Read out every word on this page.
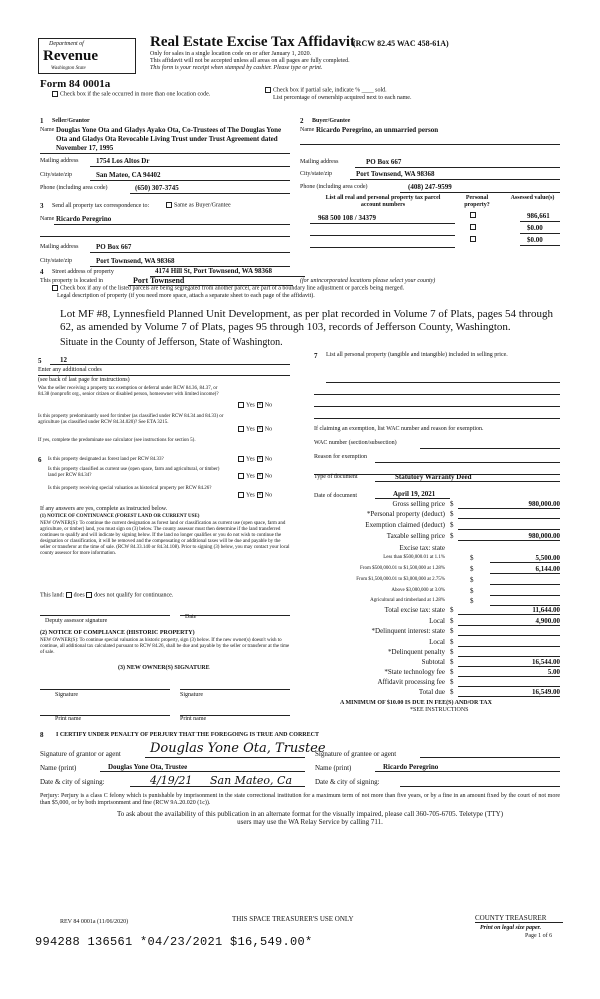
Department of
Revenue
Washington State
Real Estate Excise Tax Affidavit
(RCW 82.45 WAC 458-61A)
Only for sales in a single location code on or after January 1, 2020.
This affidavit will not be accepted unless all areas on all pages are fully completed.
This form is your receipt when stamped by cashier. Please type or print.
Form 84 0001a
Check box if the sale occurred in more than one location code.
Check box if partial sale, indicate % ____ sold.
List percentage of ownership acquired next to each name.
1 Seller/Grantor
Name Douglas Yone Ota and Gladys Ayako Ota, Co-Trustees of The Douglas Yone Ota and Gladys Ota Revocable Living Trust under Trust Agreement dated November 17, 1995
Mailing address	1754 Los Altos Dr
City/state/zip	San Mateo, CA 94402
Phone (including area code)	(650) 307-3745
2 Buyer/Grantee
Name Ricardo Peregrino, an unmarried person
Mailing address	PO Box 667
City/state/zip	Port Townsend, WA 98368
Phone (including area code)	(408) 247-9599
3 Send all property tax correspondence to:	Same as Buyer/Grantee
Name Ricardo Peregrino
Mailing address	PO Box 667
City/state/zip	Port Townsend, WA 98368
List all real and personal property tax parcel account numbers
Personal property?
Assessed value(s)
968 500 108 / 34379	986,661
$0.00
$0.00
4 Street address of property	4174 Hill St, Port Townsend, WA 98368
This property is located in	Port Townsend	(for unincorporated locations please select your county)
Check box if any of the listed parcels are being segregated from another parcel, are part of a boundary line adjustment or parcels being merged.
Legal description of property (if you need more space, attach a separate sheet to each page of the affidavit).
Lot MF #8, Lynnesfield Planned Unit Development, as per plat recorded in Volume 7 of Plats, pages 54 through 62, as amended by Volume 7 of Plats, pages 95 through 103, records of Jefferson County, Washington.
Situate in the County of Jefferson, State of Washington.
5	12
Enter any additional codes
(see back of last page for instructions)
Was the seller receiving a property tax exemption or deferral under RCW 84.36, 84.37, or 84.38 (nonprofit org., senior citizen or disabled person, homeowner with limited income)?
Yes × No
Is this property predominantly used for timber (as classified under RCW 84.34 and 84.33) or agriculture (as classified under RCW 84.34.020)? See ETA 3215.
Yes × No
If yes, complete the predominate use calculator (see instructions for section 5).
6 Is this property designated as forest land per RCW 84.33?	Yes × No
Is this property classified as current use (open space, farm and agricultural, or timber) land per RCW 84.34?	Yes × No
Is this property receiving special valuation as historical property per RCW 84.26?
Yes × No
If any answers are yes, complete as instructed below.
(1) NOTICE OF CONTINUANCE (FOREST LAND OR CURRENT USE)
NEW OWNER(S): To continue the current designation as forest land or classification as current use (open space, farm and agriculture, or timber) land, you must sign on (3) below. The county assessor must then determine if the land transferred continues to qualify and will indicate by signing below. If the land no longer qualifies or you do not wish to continue the designation or classification, it will be removed and the compensating or additional taxes will be due and payable by the seller or transferor at the time of sale. (RCW 84.33.140 or 84.34.108). Prior to signing (3) below, you may contact your local county assessor for more information.
This land: does does not qualify for continuance.
Deputy assessor signature
Date
(2) NOTICE OF COMPLIANCE (HISTORIC PROPERTY)
NEW OWNER(S): To continue special valuation as historic property, sign (3) below. If the new owner(s) doesn't wish to continue, all additional tax calculated pursuant to RCW 84.26, shall be due and payable by the seller or transferor at the time of sale.
(3) NEW OWNER(S) SIGNATURE
Signature	Signature
Print name	Print name
7 List all personal property (tangible and intangible) included in selling price.
If claiming an exemption, list WAC number and reason for exemption.
WAC number (section/subsection)
Reason for exemption
Type of document	Statutory Warranty Deed
Date of document	April 19, 2021
Gross selling price $	980,000.00
*Personal property (deduct) $
Exemption claimed (deduct) $
Taxable selling price $	980,000.00
Excise tax: state
Less than $500,000.01 at 1.1%	$	5,500.00
From $500,000.01 to $1,500,000 at 1.28%	$	6,144.00
From $1,500,000.01 to $3,000,000 at 2.75%	$
Above $3,000,000 at 3.0%	$
Agricultural and timberland at 1.28%	$
Total excise tax: state $	11,644.00
Local $	4,900.00
*Delinquent interest: state $
Local $
*Delinquent penalty $
Subtotal $	16,544.00
*State technology fee $	5.00
Affidavit processing fee $
Total due $	16,549.00
A MINIMUM OF $10.00 IS DUE IN FEE(S) AND/OR TAX
*SEE INSTRUCTIONS
8 I CERTIFY UNDER PENALTY OF PERJURY THAT THE FOREGOING IS TRUE AND CORRECT
Signature of grantor or agent Douglas Yone Ota, Trustee
Name (print)	Douglas Yone Ota, Trustee
Date & city of signing:	4/19/21 San Mateo, Ca
Signature of grantee or agent
Name (print)	Ricardo Peregrino
Date & city of signing:
Perjury: Perjury is a class C felony which is punishable by imprisonment in the state correctional institution for a maximum term of not more than five years, or by a fine in an amount fixed by the court of not more than $5,000, or by both imprisonment and fine (RCW 9A.20.020 (1c)).
To ask about the availability of this publication in an alternate format for the visually impaired, please call 360-705-6705. Teletype (TTY) users may use the WA Relay Service by calling 711.
REV 84 0001a (11/06/2020)	THIS SPACE TREASURER'S USE ONLY	COUNTY TREASURER
Print on legal size paper.
Page 1 of 6
994288 136561 *04/23/2021 $16,549.00*
